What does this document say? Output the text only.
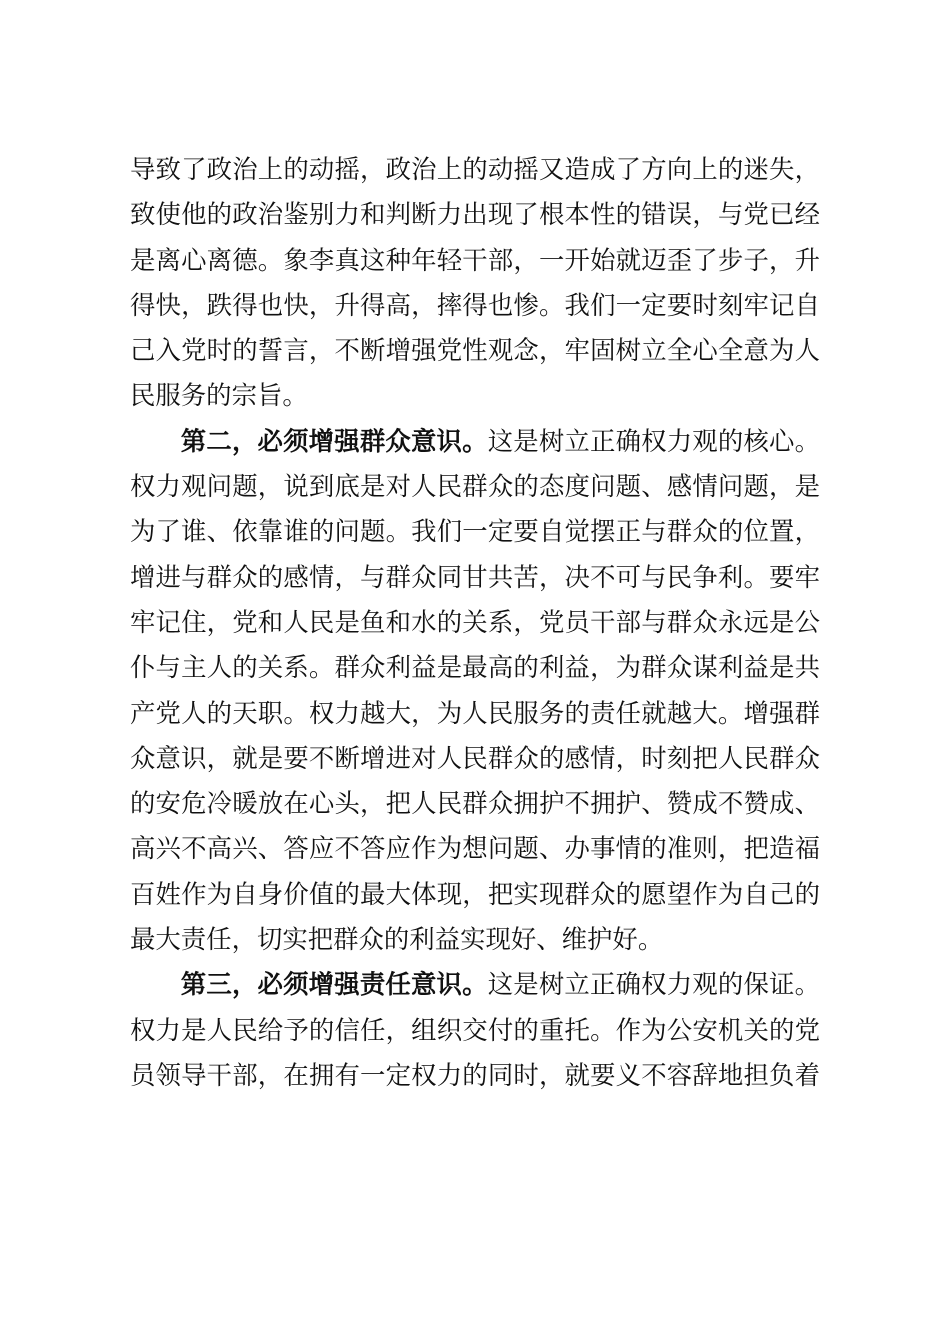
导致了政治上的动摇，政治上的动摇又造成了方向上的迷失，
致使他的政治鉴别力和判断力出现了根本性的错误，与党已经
是离心离德。象李真这种年轻干部，一开始就迈歪了步子，升
得快，跌得也快，升得高，摔得也惨。我们一定要时刻牢记自
己入党时的誓言，不断增强党性观念，牢固树立全心全意为人
民服务的宗旨。
第二，必须增强群众意识。这是树立正确权力观的核心。
权力观问题，说到底是对人民群众的态度问题、感情问题，是
为了谁、依靠谁的问题。我们一定要自觉摆正与群众的位置，
增进与群众的感情，与群众同甘共苦，决不可与民争利。要牢
牢记住，党和人民是鱼和水的关系，党员干部与群众永远是公
仆与主人的关系。群众利益是最高的利益，为群众谋利益是共
产党人的天职。权力越大，为人民服务的责任就越大。增强群
众意识，就是要不断增进对人民群众的感情，时刻把人民群众
的安危冷暖放在心头，把人民群众拥护不拥护、赞成不赞成、
高兴不高兴、答应不答应作为想问题、办事情的准则，把造福
百姓作为自身价值的最大体现，把实现群众的愿望作为自己的
最大责任，切实把群众的利益实现好、维护好。
第三，必须增强责任意识。这是树立正确权力观的保证。
权力是人民给予的信任，组织交付的重托。作为公安机关的党
员领导干部，在拥有一定权力的同时，就要义不容辞地担负着
